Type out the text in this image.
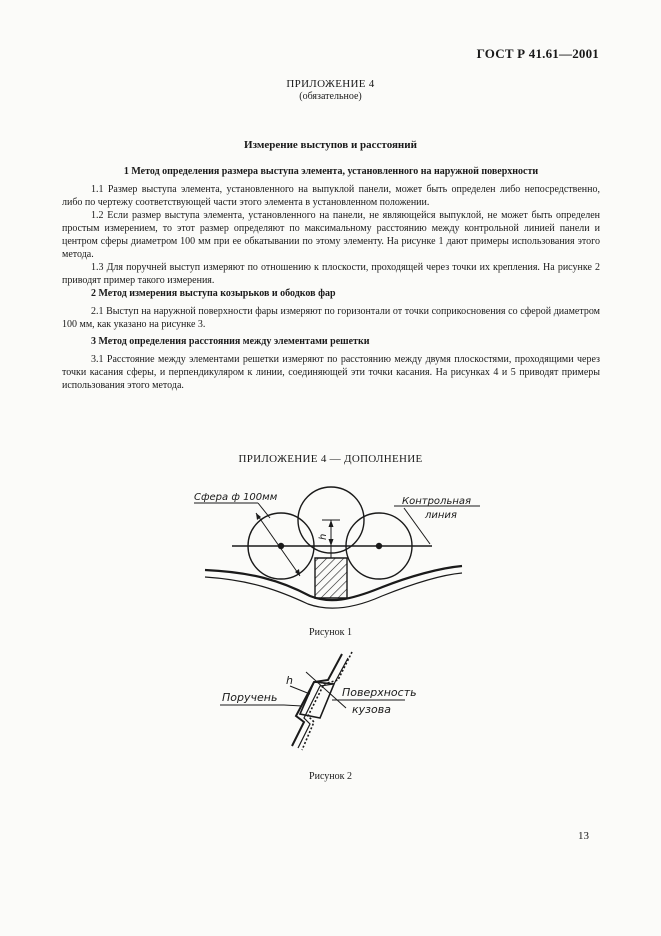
ГОСТ Р 41.61—2001
ПРИЛОЖЕНИЕ 4
(обязательное)
Измерение выступов и расстояний
1 Метод определения размера выступа элемента, установленного на наружной поверхности
1.1 Размер выступа элемента, установленного на выпуклой панели, может быть определен либо непосредственно, либо по чертежу соответствующей части этого элемента в установленном положении.
1.2 Если размер выступа элемента, установленного на панели, не являющейся выпуклой, не может быть определен простым измерением, то этот размер определяют по максимальному расстоянию между контрольной линией панели и центром сферы диаметром 100 мм при ее обкатывании по этому элементу. На рисунке 1 дают примеры использования этого метода.
1.3 Для поручней выступ измеряют по отношению к плоскости, проходящей через точки их крепления. На рисунке 2 приводят пример такого измерения.
2 Метод измерения выступа козырьков и ободков фар
2.1 Выступ на наружной поверхности фары измеряют по горизонтали от точки соприкосновения со сферой диаметром 100 мм, как указано на рисунке 3.
3 Метод определения расстояния между элементами решетки
3.1 Расстояние между элементами решетки измеряют по расстоянию между двумя плоскостями, проходящими через точки касания сферы, и перпендикуляром к линии, соединяющей эти точки касания. На рисунках 4 и 5 приводят примеры использования этого метода.
ПРИЛОЖЕНИЕ 4 — ДОПОЛНЕНИЕ
Сфера ф 100мм
h
Контрольная
линия
Рисунок 1
h
Поручень	Поверхность
кузова
Рисунок 2
13
